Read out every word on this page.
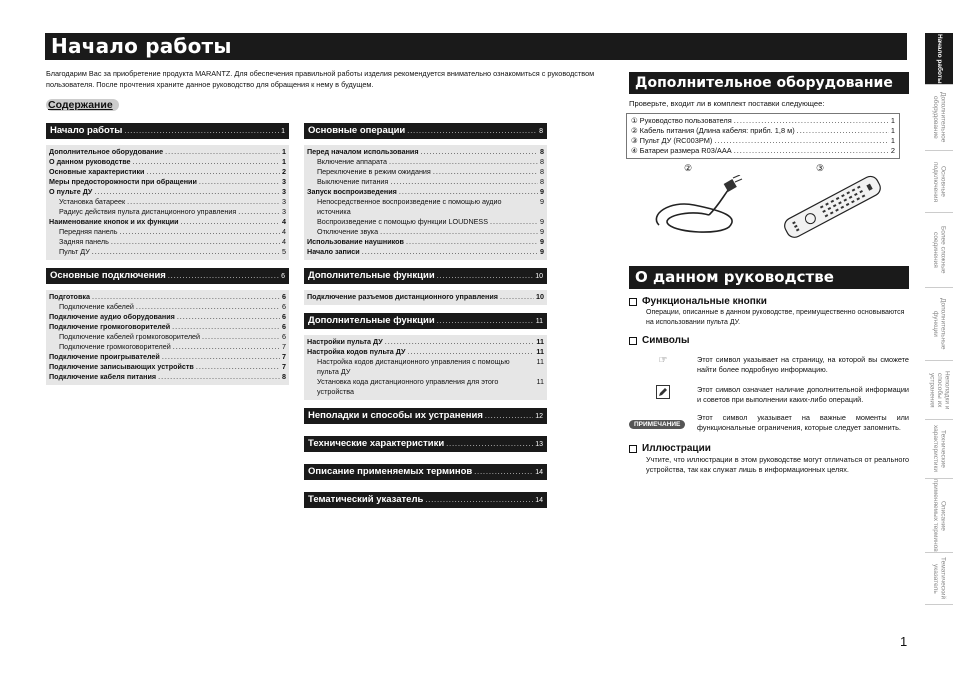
Начало работы
Благодарим Вас за приобретение продукта MARANTZ. Для обеспечения правильной работы изделия рекомендуется внимательно ознакомиться с руководством пользователя. После прочтения храните данное руководство для обращения к нему в будущем.
Содержание
Начало работы .....	1
Дополнительное оборудование .....	1
О данном руководстве .....	1
Основные характеристики .....	2
Меры предосторожности при обращении .....	3
О пульте ДУ .....	3
Установка батареек .....	3
Радиус действия пульта дистанционного управления .....	3
Наименование кнопок и их функции .....	4
Передняя панель .....	4
Задняя панель .....	4
Пульт ДУ .....	5
Основные подключения .....	6
Подготовка .....	6
Подключение кабелей .....	6
Подключение аудио оборудования .....	6
Подключение громкоговорителей .....	6
Подключение кабелей громкоговорителей .....	6
Подключение громкоговорителей .....	7
Подключение проигрывателей .....	7
Подключение записывающих устройств .....	7
Подключение кабеля питания .....	8
Основные операции .....	8
Перед началом использования .....	8
Включение аппарата .....	8
Переключение в режим ожидания .....	8
Выключение питания .....	8
Запуск воспроизведения .....	9
Непосредственное воспроизведение с помощью аудио источника
9
Воспроизведение с помощью функции LOUDNESS .....	9
Отключение звука .....	9
Использование наушников .....	9
Начало записи .....	9
Дополнительные функции .....	10
Подключение разъемов дистанционного управления .....	10
Дополнительные функции .....	11
Настройки пульта ДУ .....	11
Настройка кодов пульта ДУ .....	11
Настройка кодов дистанционного управления с помощью пульта ДУ
11
Установка кода дистанционного управления для этого устройства
11
Неполадки и способы их устранения .....	12
Технические характеристики .....	13
Описание применяемых терминов .....	14
Тематический указатель .....	14
Дополнительное оборудование
Проверьте, входит ли в комплект поставки следующее:
① Руководство пользователя .....	1
② Кабель питания (Длина кабеля: прибл. 1,8 м) .....	1
③ Пульт ДУ (RC003PM) .....	1
④ Батареи размера R03/AAA .....	2
②	③
О данном руководстве
Функциональные кнопки
Операции, описанные в данном руководстве, преимущественно основываются на использовании пульта ДУ.
Символы
☞	Этот символ указывает на страницу, на которой вы сможете найти более подробную информацию.
Этот символ означает наличие дополнительной информации и советов при выполнении каких-либо операций.
ПРИМЕЧАНИЕ
Этот символ указывает на важные моменты или функциональные ограничения, которые следует запомнить.
Иллюстрации
Учтите, что иллюстрации в этом руководстве могут отличаться от реального устройства, так как служат лишь в информационных целях.
Начало работы
Дополнительное оборудование
Основные подключения
Более сложные соединения
Дополнительные функции
Неполадки и способы их устранения
Технические характеристики
Описание применяемых терминов
Тематический указатель
1
